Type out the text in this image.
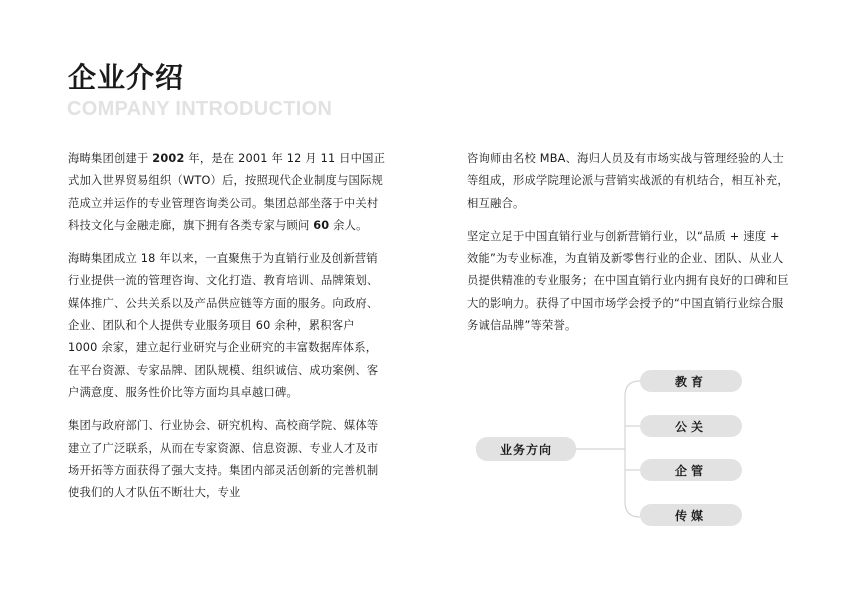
企业介绍
COMPANY INTRODUCTION

海畴集团创建于 2002 年，是在 2001 年 12 月 11 日中国正式加入世界贸易组织（WTO）后，按照现代企业制度与国际规范成立并运作的专业管理咨询类公司。集团总部坐落于中关村科技文化与金融走廊，旗下拥有各类专家与顾问 60 余人。

海畴集团成立 18 年以来，一直聚焦于为直销行业及创新营销行业提供一流的管理咨询、文化打造、教育培训、品牌策划、媒体推广、公共关系以及产品供应链等方面的服务。向政府、企业、团队和个人提供专业服务项目 60 余种，累积客户 1000 余家，建立起行业研究与企业研究的丰富数据库体系，在平台资源、专家品牌、团队规模、组织诚信、成功案例、客户满意度、服务性价比等方面均具卓越口碑。

集团与政府部门、行业协会、研究机构、高校商学院、媒体等建立了广泛联系，从而在专家资源、信息资源、专业人才及市场开拓等方面获得了强大支持。集团内部灵活创新的完善机制使我们的人才队伍不断壮大，专业

咨询师由名校 MBA、海归人员及有市场实战与管理经验的人士等组成，形成学院理论派与营销实战派的有机结合，相互补充，相互融合。

坚定立足于中国直销行业与创新营销行业，以“品质 + 速度 + 效能”为专业标准，为直销及新零售行业的企业、团队、从业人员提供精准的专业服务；在中国直销行业内拥有良好的口碑和巨大的影响力。获得了中国市场学会授予的“中国直销行业综合服务诚信品牌”等荣誉。

业务方向
教育
公关
企管
传媒
